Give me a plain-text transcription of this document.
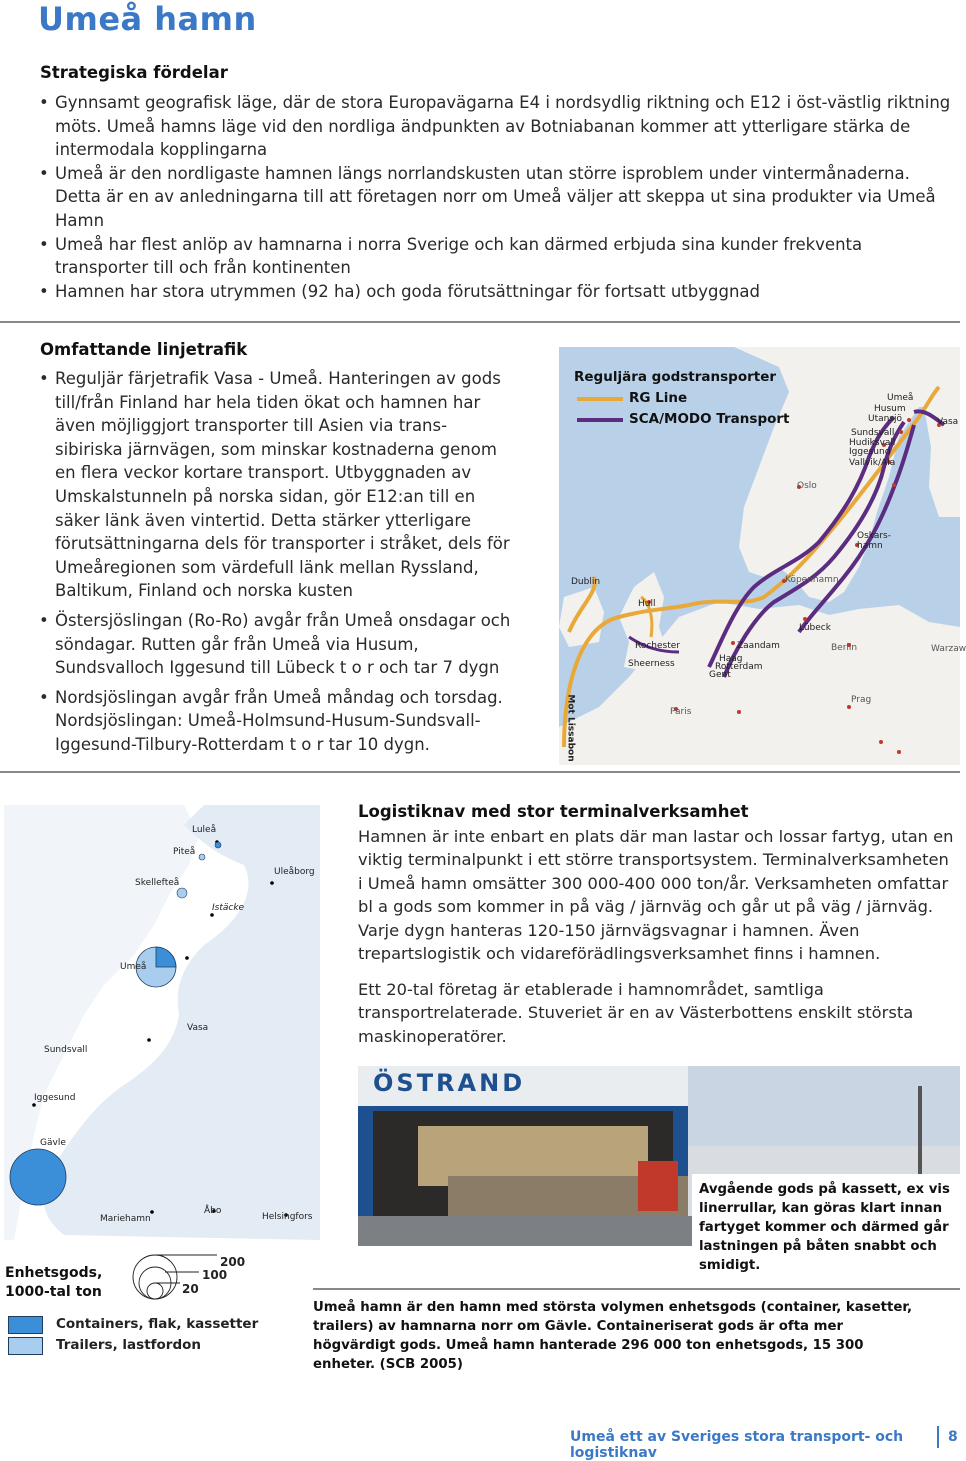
Umeå hamn
Strategiska fördelar
• Gynnsamt geografisk läge, där de stora Europavägarna E4 i nordsydlig riktning och E12 i öst-västlig riktning möts. Umeå hamns läge vid den nordliga ändpunkten av Botniabanan kommer att ytterligare stärka de intermodala kopplingarna
• Umeå är den nordligaste hamnen längs norrlandskusten utan större isproblem under vintermånaderna. Detta är en av anledningarna till att företagen norr om Umeå väljer att skeppa ut sina produkter via Umeå Hamn
• Umeå har flest anlöp av hamnarna i norra Sverige och kan därmed erbjuda sina kunder frekventa transporter till och från kontinenten
• Hamnen har stora utrymmen (92 ha) och goda förutsättningar för fortsatt utbyggnad
Omfattande linjetrafik
• Reguljär färjetrafik Vasa - Umeå. Hanteringen av gods till/från Finland har hela tiden ökat och hamnen har även möjliggjort transporter till Asien via trans-sibiriska järnvägen, som minskar kostnaderna genom en flera veckor kortare transport. Utbyggnaden av Umskalstunneln på norska sidan, gör E12:an till en säker länk även vintertid. Detta stärker ytterligare förutsättningarna dels för transporter i stråket, dels för Umeåregionen som värdefull länk mellan Ryssland, Baltikum, Finland och norska kusten
• Östersjöslingan (Ro-Ro) avgår från Umeå onsdagar och söndagar. Rutten går från Umeå via Husum, Sundsvalloch Iggesund till Lübeck t o r och tar 7 dygn
• Nordsjöslingan avgår från Umeå måndag och torsdag. Nordsjöslingan: Umeå-Holmsund-Husum-Sundsvall-Iggesund-Tilbury-Rotterdam t o r tar 10 dygn.
Reguljära godstransporter
RG Line
SCA/MODO Transport
Umeå
Husum
Utansjö	Vasa
Sundsvall
Hudiksvall
Iggesund
Vallvik/Ala
Oslo
Oskars-
hamn
Köpenhamn
Lübeck
Berlin	Warzaw
Dublin
Hull
Rochester
Sheerness
Zaandam
Haag
Rotterdam
Gent
Paris
Prag
Mot Lissabon
Luleå
Piteå
Uleåborg
Skellefteå
Istäcke
Umeå
Vasa
Sundsvall
Iggesund
Gävle
Åbo
Mariehamn	Helsingfors
Enhetsgods, 1000-tal ton
200
100
20
Containers, flak, kassetter
Trailers, lastfordon
Logistiknav med stor terminalverksamhet
Hamnen är inte enbart en plats där man lastar och lossar fartyg, utan en viktig terminalpunkt i ett större transportsystem. Terminalverksamheten i Umeå hamn omsätter 300 000-400 000 ton/år. Verksamheten omfattar bl a gods som kommer in på väg / järnväg och går ut på väg / järnväg. Varje dygn hanteras 120-150 järnvägsvagnar i hamnen. Även trepartslogistik och vidareförädlingsverksamhet finns i hamnen.
Ett 20-tal företag är etablerade i hamnområdet, samtliga transportrelaterade. Stuveriet är en av Västerbottens enskilt största maskinoperatörer.
ÖSTRAND
Avgående gods på kassett, ex vis linerrullar, kan göras klart innan fartyget kommer och därmed går lastningen på båten snabbt och smidigt.
Umeå hamn är den hamn med största volymen enhetsgods (container, kasetter, trailers) av hamnarna norr om Gävle. Containeriserat gods är ofta mer högvärdigt gods. Umeå hamn hanterade 296 000 ton enhetsgods, 15 300 enheter. (SCB 2005)
Umeå ett av Sveriges stora transport- och logistiknav
8
